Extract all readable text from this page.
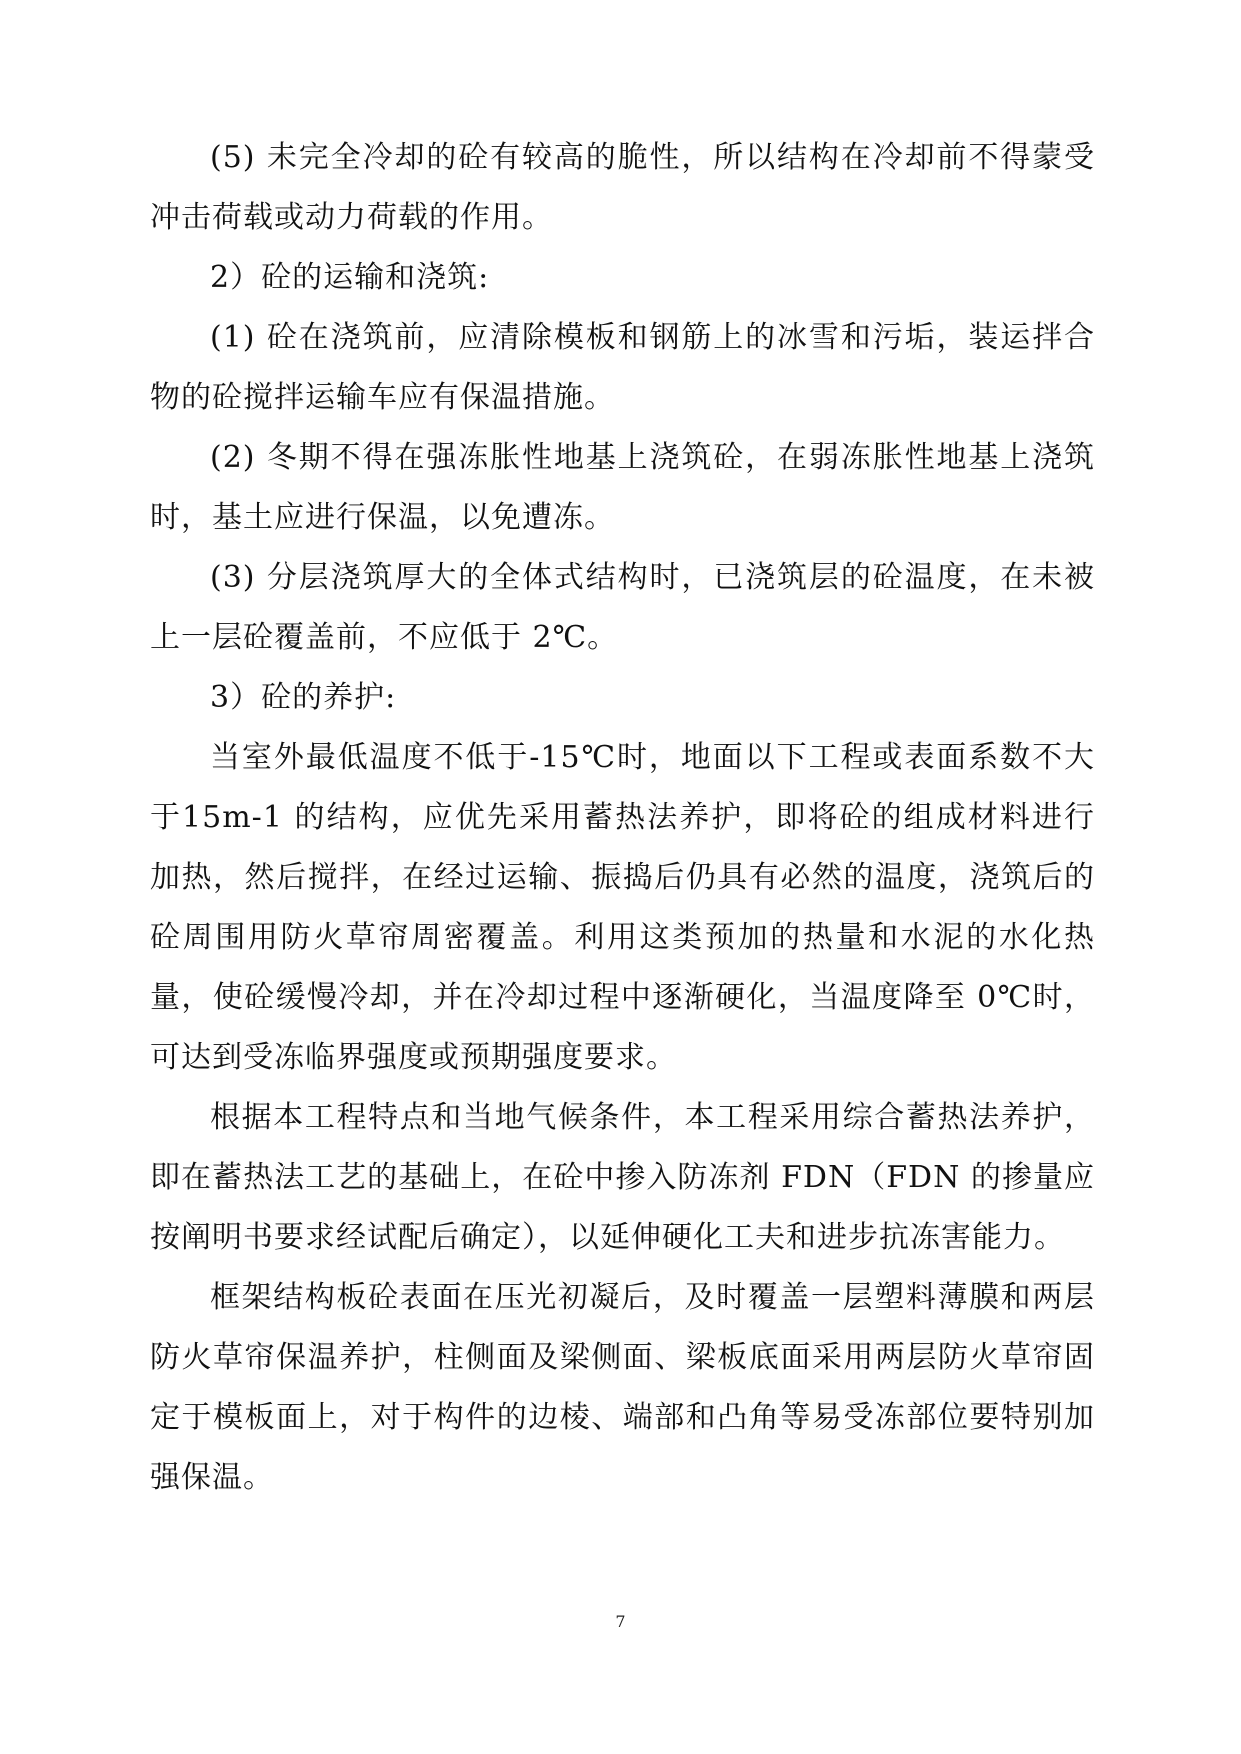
(5) 未完全冷却的砼有较高的脆性，所以结构在冷却前不得蒙受冲击荷载或动力荷载的作用。

2）砼的运输和浇筑:

(1) 砼在浇筑前，应清除模板和钢筋上的冰雪和污垢，装运拌合物的砼搅拌运输车应有保温措施。

(2) 冬期不得在强冻胀性地基上浇筑砼，在弱冻胀性地基上浇筑时，基土应进行保温，以免遭冻。

(3) 分层浇筑厚大的全体式结构时，已浇筑层的砼温度，在未被上一层砼覆盖前，不应低于 2℃。

3）砼的养护:

当室外最低温度不低于-15℃时，地面以下工程或表面系数不大于15m-1 的结构，应优先采用蓄热法养护，即将砼的组成材料进行加热，然后搅拌，在经过运输、振捣后仍具有必然的温度，浇筑后的砼周围用防火草帘周密覆盖。利用这类预加的热量和水泥的水化热量，使砼缓慢冷却，并在冷却过程中逐渐硬化，当温度降至 0℃时，可达到受冻临界强度或预期强度要求。

根据本工程特点和当地气候条件，本工程采用综合蓄热法养护，即在蓄热法工艺的基础上，在砼中掺入防冻剂 FDN（FDN 的掺量应按阐明书要求经试配后确定），以延伸硬化工夫和进步抗冻害能力。

框架结构板砼表面在压光初凝后，及时覆盖一层塑料薄膜和两层防火草帘保温养护，柱侧面及梁侧面、梁板底面采用两层防火草帘固定于模板面上，对于构件的边棱、端部和凸角等易受冻部位要特别加强保温。

7
